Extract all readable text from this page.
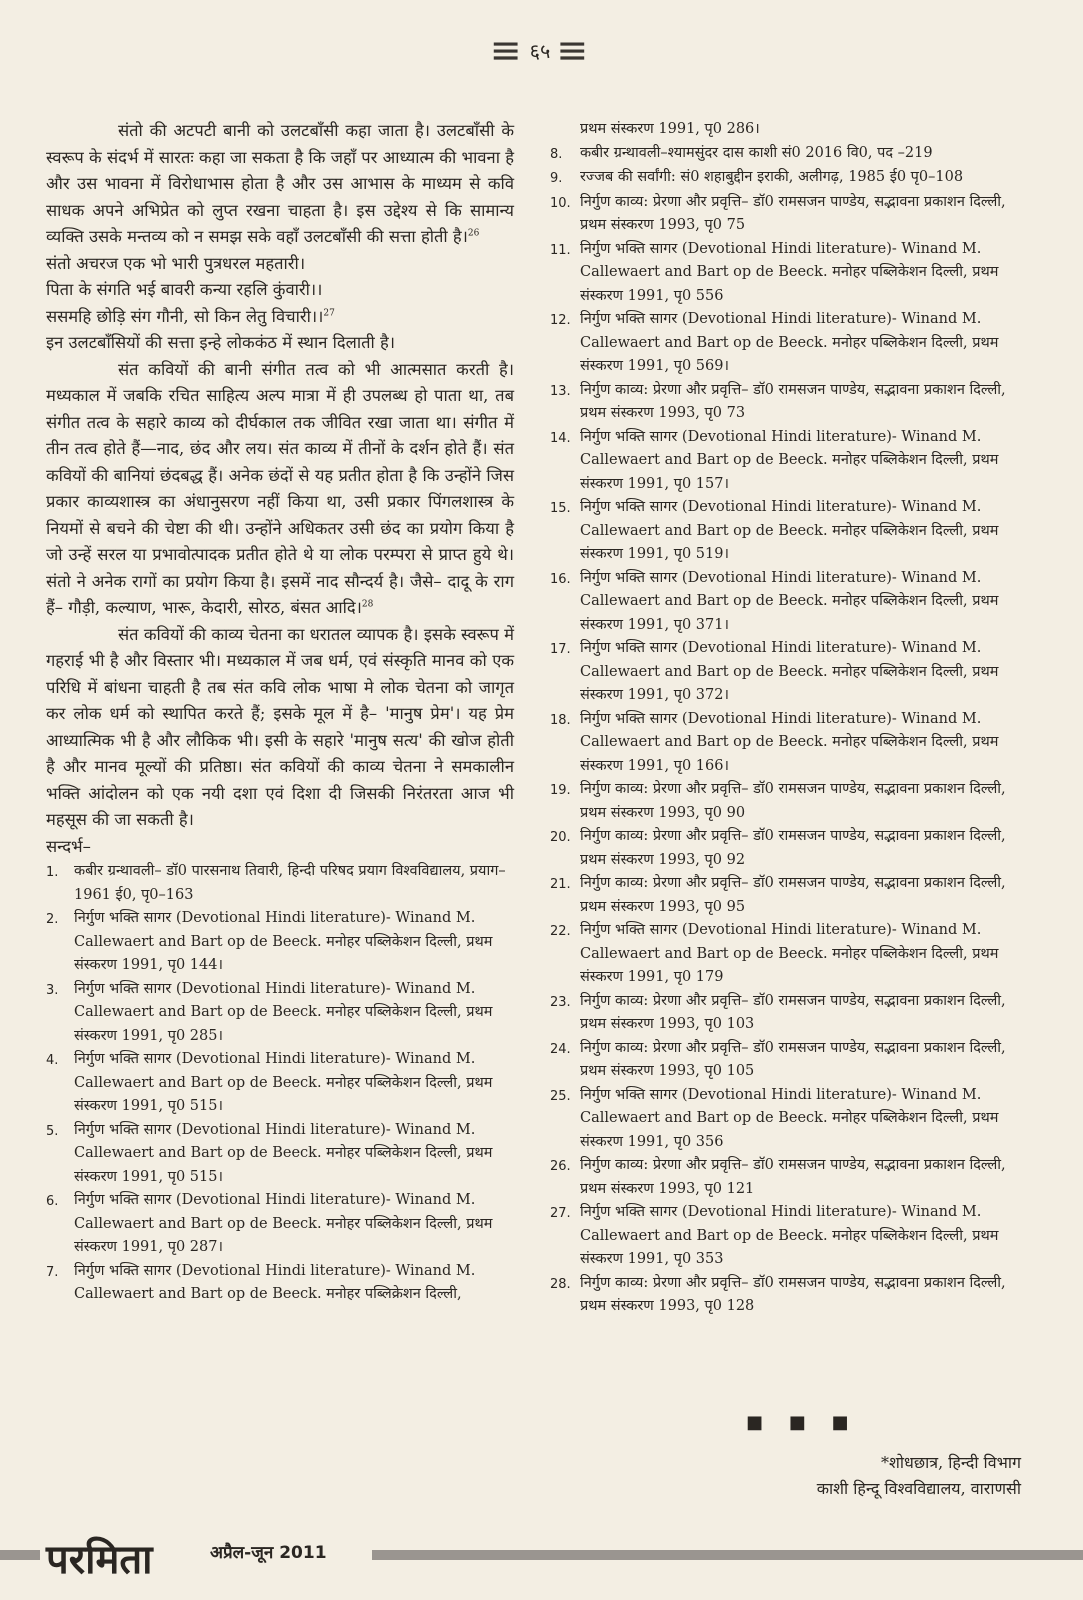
≡ ६५ ≡

संतो की अटपटी बानी को उलटबाँसी कहा जाता है। उलटबाँसी के स्वरूप के संदर्भ में सारतः कहा जा सकता है कि जहाँ पर आध्यात्म की भावना है और उस भावना में विरोधाभास होता है और उस आभास के माध्यम से कवि साधक अपने अभिप्रेत को लुप्त रखना चाहता है। इस उद्देश्य से कि सामान्य व्यक्ति उसके मन्तव्य को न समझ सके वहाँ उलटबाँसी की सत्ता होती है।$^{26}$

संतो अचरज एक भो भारी पुत्रधरल महतारी।

पिता के संगति भई बावरी कन्या रहलि कुंवारी।।

ससमहि छोड़ि संग गौनी, सो किन लेतु विचारी।।$^{27}$

इन उलटबाँसियों की सत्ता इन्हे लोककंठ में स्थान दिलाती है।

संत कवियों की बानी संगीत तत्व को भी आत्मसात करती है। मध्यकाल में जबकि रचित साहित्य अल्प मात्रा में ही उपलब्ध हो पाता था, तब संगीत तत्व के सहारे काव्य को दीर्घकाल तक जीवित रखा जाता था। संगीत में तीन तत्व होते हैं—नाद, छंद और लय। संत काव्य में तीनों के दर्शन होते हैं। संत कवियों की बानियां छंदबद्ध हैं। अनेक छंदों से यह प्रतीत होता है कि उन्होंने जिस प्रकार काव्यशास्त्र का अंधानुसरण नहीं किया था, उसी प्रकार पिंगलशास्त्र के नियमों से बचने की चेष्टा की थी। उन्होंने अधिकतर उसी छंद का प्रयोग किया है जो उन्हें सरल या प्रभावोत्पादक प्रतीत होते थे या लोक परम्परा से प्राप्त हुये थे। संतो ने अनेक रागों का प्रयोग किया है। इसमें नाद सौन्दर्य है। जैसे– दादू के राग हैं– गौड़ी, कल्याण, भारू, केदारी, सोरठ, बंसत आदि।$^{28}$

संत कवियों की काव्य चेतना का धरातल व्यापक है। इसके स्वरूप में गहराई भी है और विस्तार भी। मध्यकाल में जब धर्म, एवं संस्कृति मानव को एक परिधि में बांधना चाहती है तब संत कवि लोक भाषा मे लोक चेतना को जागृत कर लोक धर्म को स्थापित करते हैं; इसके मूल में है– 'मानुष प्रेम'। यह प्रेम आध्यात्मिक भी है और लौकिक भी। इसी के सहारे 'मानुष सत्य' की खोज होती है और मानव मूल्यों की प्रतिष्ठा। संत कवियों की काव्य चेतना ने समकालीन भक्ति आंदोलन को एक नयी दशा एवं दिशा दी जिसकी निरंतरता आज भी महसूस की जा सकती है।

सन्दर्भ–

1.	कबीर ग्रन्थावली– डॉ0 पारसनाथ तिवारी, हिन्दी परिषद प्रयाग विश्वविद्यालय, प्रयाग– 1961 ई0, पृ0–163
2.	निर्गुण भक्ति सागर (Devotional Hindi literature)- Winand M. Callewaert and Bart op de Beeck. मनोहर पब्लिकेशन दिल्ली, प्रथम संस्करण 1991, पृ0 144।
3.	निर्गुण भक्ति सागर (Devotional Hindi literature)- Winand M. Callewaert and Bart op de Beeck. मनोहर पब्लिकेशन दिल्ली, प्रथम संस्करण 1991, पृ0 285।
4.	निर्गुण भक्ति सागर (Devotional Hindi literature)- Winand M. Callewaert and Bart op de Beeck. मनोहर पब्लिकेशन दिल्ली, प्रथम संस्करण 1991, पृ0 515।
5.	निर्गुण भक्ति सागर (Devotional Hindi literature)- Winand M. Callewaert and Bart op de Beeck. मनोहर पब्लिकेशन दिल्ली, प्रथम संस्करण 1991, पृ0 515।
6.	निर्गुण भक्ति सागर (Devotional Hindi literature)- Winand M. Callewaert and Bart op de Beeck. मनोहर पब्लिकेशन दिल्ली, प्रथम संस्करण 1991, पृ0 287।
7.	निर्गुण भक्ति सागर (Devotional Hindi literature)- Winand M. Callewaert and Bart op de Beeck. मनोहर पब्लिक्रेशन दिल्ली,
प्रथम संस्करण 1991, पृ0 286।
8.	कबीर ग्रन्थावली–श्यामसुंदर दास काशी सं0 2016 वि0, पद –219
9.	रज्जब की सर्वांगी: सं0 शहाबुद्दीन इराकी, अलीगढ़, 1985 ई0 पृ0–108
10. निर्गुण काव्य: प्रेरणा और प्रवृत्ति– डॉ0 रामसजन पाण्डेय, सद्भावना प्रकाशन दिल्ली, प्रथम संस्करण 1993, पृ0 75
11. निर्गुण भक्ति सागर (Devotional Hindi literature)- Winand M. Callewaert and Bart op de Beeck. मनोहर पब्लिकेशन दिल्ली, प्रथम संस्करण 1991, पृ0 556
12. निर्गुण भक्ति सागर (Devotional Hindi literature)- Winand M. Callewaert and Bart op de Beeck. मनोहर पब्लिकेशन दिल्ली, प्रथम संस्करण 1991, पृ0 569।
13. निर्गुण काव्य: प्रेरणा और प्रवृत्ति– डॉ0 रामसजन पाण्डेय, सद्भावना प्रकाशन दिल्ली, प्रथम संस्करण 1993, पृ0 73
14. निर्गुण भक्ति सागर (Devotional Hindi literature)- Winand M. Callewaert and Bart op de Beeck. मनोहर पब्लिकेशन दिल्ली, प्रथम संस्करण 1991, पृ0 157।
15. निर्गुण भक्ति सागर (Devotional Hindi literature)- Winand M. Callewaert and Bart op de Beeck. मनोहर पब्लिकेशन दिल्ली, प्रथम संस्करण 1991, पृ0 519।
16. निर्गुण भक्ति सागर (Devotional Hindi literature)- Winand M. Callewaert and Bart op de Beeck. मनोहर पब्लिकेशन दिल्ली, प्रथम संस्करण 1991, पृ0 371।
17. निर्गुण भक्ति सागर (Devotional Hindi literature)- Winand M. Callewaert and Bart op de Beeck. मनोहर पब्लिकेशन दिल्ली, प्रथम संस्करण 1991, पृ0 372।
18. निर्गुण भक्ति सागर (Devotional Hindi literature)- Winand M. Callewaert and Bart op de Beeck. मनोहर पब्लिकेशन दिल्ली, प्रथम संस्करण 1991, पृ0 166।
19. निर्गुण काव्य: प्रेरणा और प्रवृत्ति– डॉ0 रामसजन पाण्डेय, सद्भावना प्रकाशन दिल्ली, प्रथम संस्करण 1993, पृ0 90
20. निर्गुण काव्य: प्रेरणा और प्रवृत्ति– डॉ0 रामसजन पाण्डेय, सद्भावना प्रकाशन दिल्ली, प्रथम संस्करण 1993, पृ0 92
21. निर्गुण काव्य: प्रेरणा और प्रवृत्ति– डॉ0 रामसजन पाण्डेय, सद्भावना प्रकाशन दिल्ली, प्रथम संस्करण 1993, पृ0 95
22. निर्गुण भक्ति सागर (Devotional Hindi literature)- Winand M. Callewaert and Bart op de Beeck. मनोहर पब्लिकेशन दिल्ली, प्रथम संस्करण 1991, पृ0 179
23. निर्गुण काव्य: प्रेरणा और प्रवृत्ति– डॉ0 रामसजन पाण्डेय, सद्भावना प्रकाशन दिल्ली, प्रथम संस्करण 1993, पृ0 103
24. निर्गुण काव्य: प्रेरणा और प्रवृत्ति– डॉ0 रामसजन पाण्डेय, सद्भावना प्रकाशन दिल्ली, प्रथम संस्करण 1993, पृ0 105
25. निर्गुण भक्ति सागर (Devotional Hindi literature)- Winand M. Callewaert and Bart op de Beeck. मनोहर पब्लिकेशन दिल्ली, प्रथम संस्करण 1991, पृ0 356
26. निर्गुण काव्य: प्रेरणा और प्रवृत्ति– डॉ0 रामसजन पाण्डेय, सद्भावना प्रकाशन दिल्ली, प्रथम संस्करण 1993, पृ0 121
27. निर्गुण भक्ति सागर (Devotional Hindi literature)- Winand M. Callewaert and Bart op de Beeck. मनोहर पब्लिकेशन दिल्ली, प्रथम संस्करण 1991, पृ0 353
28. निर्गुण काव्य: प्रेरणा और प्रवृत्ति– डॉ0 रामसजन पाण्डेय, सद्भावना प्रकाशन दिल्ली, प्रथम संस्करण 1993, पृ0 128
■ ■ ■
*शोधछात्र, हिन्दी विभाग
काशी हिन्दू विश्वविद्यालय, वाराणसी
परमिता	अप्रैल-जून 2011
